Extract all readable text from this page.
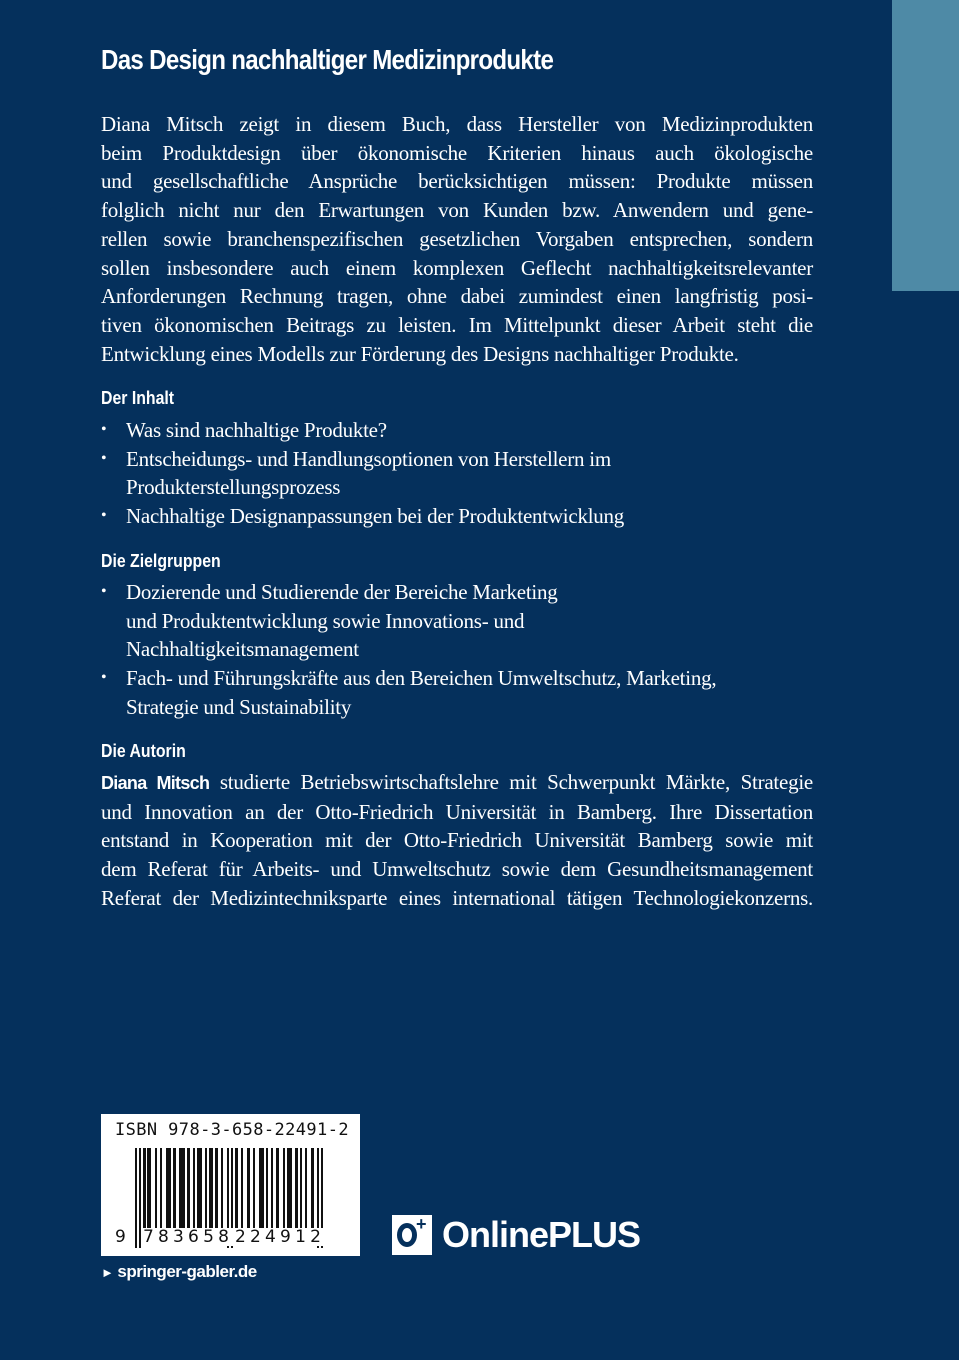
Das Design nachhaltiger Medizinprodukte
Diana Mitsch zeigt in diesem Buch, dass Hersteller von Medizinprodukten
beim Produktdesign über ökonomische Kriterien hinaus auch ökologische
und gesellschaftliche Ansprüche berücksichtigen müssen: Produkte müssen
folglich nicht nur den Erwartungen von Kunden bzw. Anwendern und gene-
rellen sowie branchenspezifischen gesetzlichen Vorgaben entsprechen, sondern
sollen insbesondere auch einem komplexen Geflecht nachhaltigkeitsrelevanter
Anforderungen Rechnung tragen, ohne dabei zumindest einen langfristig posi-
tiven ökonomischen Beitrags zu leisten. Im Mittelpunkt dieser Arbeit steht die
Entwicklung eines Modells zur Förderung des Designs nachhaltiger Produkte.
Der Inhalt
• Was sind nachhaltige Produkte?
• Entscheidungs- und Handlungsoptionen von Herstellern im
Produkterstellungsprozess
• Nachhaltige Designanpassungen bei der Produktentwicklung
Die Zielgruppen
• Dozierende und Studierende der Bereiche Marketing
und Produktentwicklung sowie Innovations- und
Nachhaltigkeitsmanagement
• Fach- und Führungskräfte aus den Bereichen Umweltschutz, Marketing,
Strategie und Sustainability
Die Autorin
Diana Mitsch studierte Betriebswirtschaftslehre mit Schwerpunkt Märkte, Strategie
und Innovation an der Otto-Friedrich Universität in Bamberg. Ihre Dissertation
entstand in Kooperation mit der Otto-Friedrich Universität Bamberg sowie mit
dem Referat für Arbeits- und Umweltschutz sowie dem Gesundheitsmanagement
Referat der Medizintechniksparte eines international tätigen Technologiekonzerns.
ISBN 978-3-658-22491-2
9 783658 224912
► springer-gabler.de
+ OnlinePLUS
